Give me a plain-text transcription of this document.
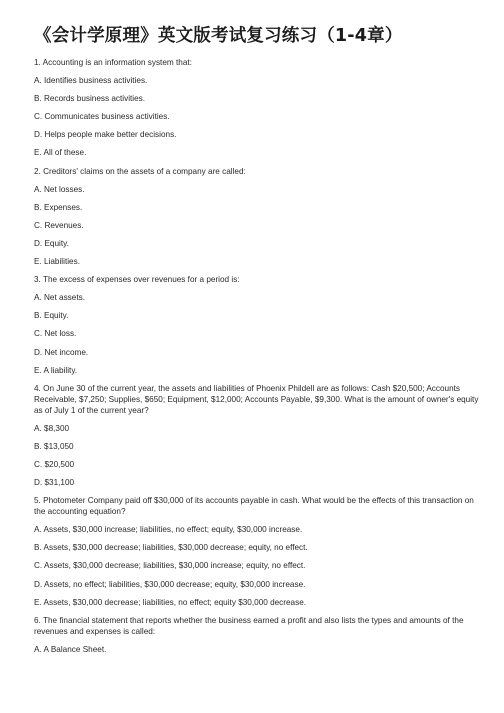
《会计学原理》英文版考试复习练习（1-4章）

1. Accounting is an information system that:

A. Identifies business activities.

B. Records business activities.

C. Communicates business activities.

D. Helps people make better decisions.

E. All of these.

2. Creditors' claims on the assets of a company are called:

A. Net losses.

B. Expenses.

C. Revenues.

D. Equity.

E. Liabilities.

3. The excess of expenses over revenues for a period is:

A. Net assets.

B. Equity.

C. Net loss.

D. Net income.

E. A liability.

4. On June 30 of the current year, the assets and liabilities of Phoenix Phildell are as follows: Cash $20,500; Accounts Receivable, $7,250; Supplies, $650; Equipment, $12,000; Accounts Payable, $9,300. What is the amount of owner's equity as of July 1 of the current year?

A. $8,300

B. $13,050

C. $20,500

D. $31,100

5. Photometer Company paid off $30,000 of its accounts payable in cash. What would be the effects of this transaction on the accounting equation?

A. Assets, $30,000 increase; liabilities, no effect; equity, $30,000 increase.

B. Assets, $30,000 decrease; liabilities, $30,000 decrease; equity, no effect.

C. Assets, $30,000 decrease; liabilities, $30,000 increase; equity, no effect.

D. Assets, no effect; liabilities, $30,000 decrease; equity, $30,000 increase.

E. Assets, $30,000 decrease; liabilities, no effect; equity $30,000 decrease.

6. The financial statement that reports whether the business earned a profit and also lists the types and amounts of the revenues and expenses is called:

A. A Balance Sheet.
